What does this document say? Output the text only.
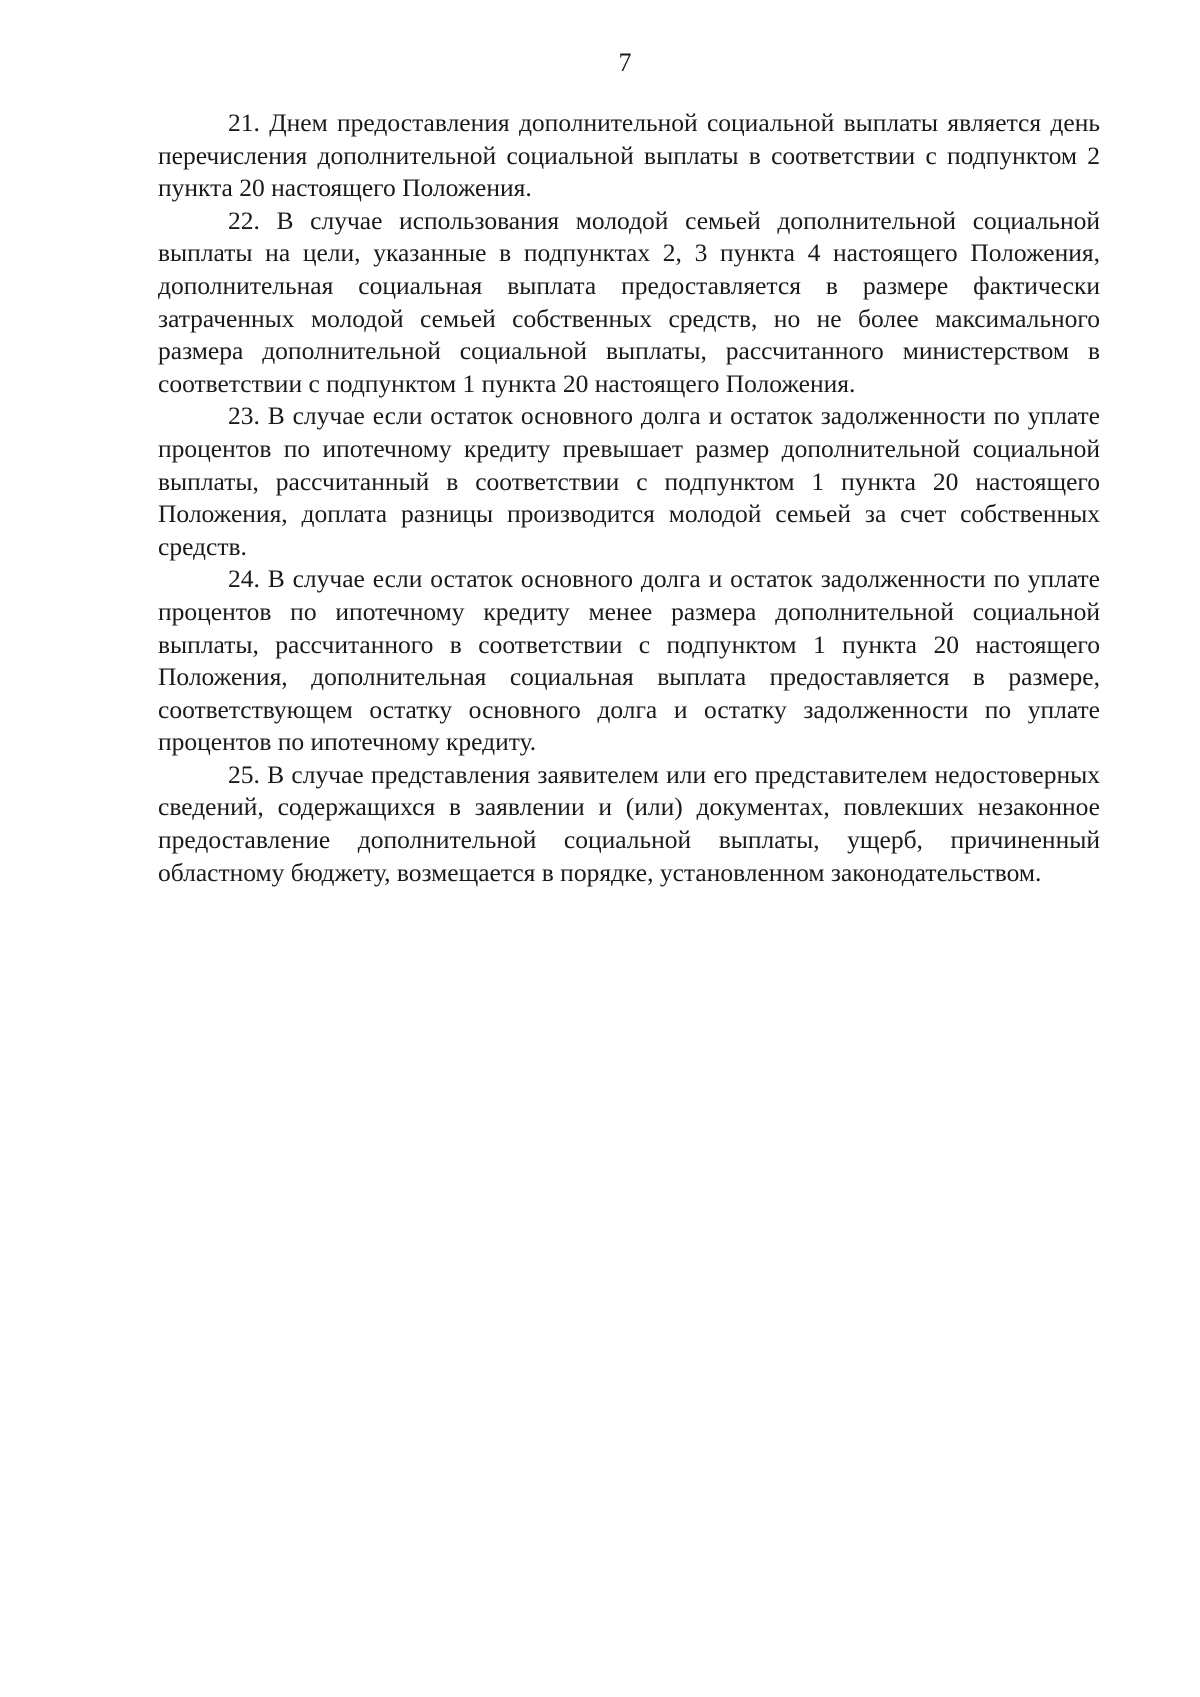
7

21. Днем предоставления дополнительной социальной выплаты является день перечисления дополнительной социальной выплаты в соответствии с подпунктом 2 пункта 20 настоящего Положения.

22. В случае использования молодой семьей дополнительной социальной выплаты на цели, указанные в подпунктах 2, 3 пункта 4 настоящего Положения, дополнительная социальная выплата предоставляется в размере фактически затраченных молодой семьей собственных средств, но не более максимального размера дополнительной социальной выплаты, рассчитанного министерством в соответствии с подпунктом 1 пункта 20 настоящего Положения.

23. В случае если остаток основного долга и остаток задолженности по уплате процентов по ипотечному кредиту превышает размер дополнительной социальной выплаты, рассчитанный в соответствии с подпунктом 1 пункта 20 настоящего Положения, доплата разницы производится молодой семьей за счет собственных средств.

24. В случае если остаток основного долга и остаток задолженности по уплате процентов по ипотечному кредиту менее размера дополнительной социальной выплаты, рассчитанного в соответствии с подпунктом 1 пункта 20 настоящего Положения, дополнительная социальная выплата предоставляется в размере, соответствующем остатку основного долга и остатку задолженности по уплате процентов по ипотечному кредиту.

25. В случае представления заявителем или его представителем недостоверных сведений, содержащихся в заявлении и (или) документах, повлекших незаконное предоставление дополнительной социальной выплаты, ущерб, причиненный областному бюджету, возмещается в порядке, установленном законодательством.
